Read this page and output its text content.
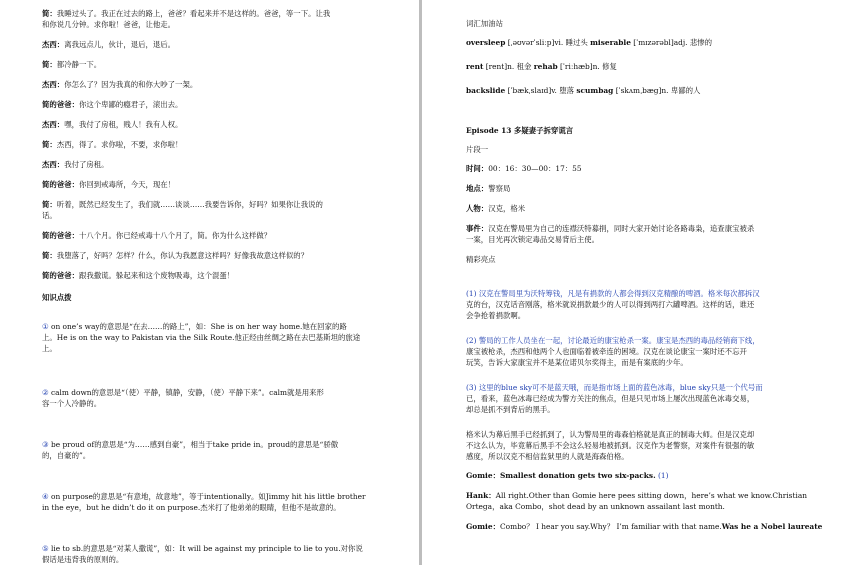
简：我睡过头了。我正在过去的路上，爸爸？看起来并不是这样的。爸爸，等一下。让我
和你说几分钟。求你啦！爸爸，让他走。
杰西：离我远点儿，伙计，退后，退后。
简：都冷静一下。
杰西：你怎么了？因为我真的和你大吵了一架。
简的爸爸：你这个卑鄙的瘾君子，滚出去。
杰西：嘿，我付了房租，贱人！我有人权。
简：杰西，得了。求你啦，不要，求你啦！
杰西：我付了房租。
简的爸爸：你回到戒毒所，今天，现在！
简：听着，既然已经发生了，我们就……谈谈……我要告诉你，好吗？如果你让我说的
话。
简的爸爸：十八个月。你已经戒毒十八个月了，简。你为什么这样做？
简：我堕落了，好吗？怎样？什么，你认为我愿意这样吗？好像我故意这样似的？
简的爸爸：跟我撒谎。躲起来和这个废物吸毒，这个混蛋！
知识点拨
① on one’s way的意思是“在去……的路上”，如：She is on her way home.她在回家的路
上。He is on the way to Pakistan via the Silk Route.他正经由丝绸之路在去巴基斯坦的旅途
上。
② calm down的意思是“（使）平静，镇静，安静，（使）平静下来”。calm就是用来形
容一个人冷静的。
③ be proud of的意思是“为……感到自豪”，相当于take pride in。proud的意思是“骄傲
的，自豪的”。
④ on purpose的意思是“有意地，故意地”，等于intentionally。如Jimmy hit his little brother
in the eye，but he didn’t do it on purpose.杰米打了他弟弟的眼睛，但他不是故意的。
⑤ lie to sb.的意思是“对某人撒谎”，如：It will be against my principle to lie to you.对你说
假话是违背我的原则的。
词汇加油站
oversleep [ˌəʊvərˈsliːp]vi. 睡过头 miserable [ˈmɪzərəbl]adj. 悲惨的
rent [rent]n. 租金 rehab [ˈriːhæb]n. 修复
backslide [ˈbækˌslaɪd]v. 堕落 scumbag [ˈskʌmˌbæg]n. 卑鄙的人
Episode 13 多疑妻子拆穿谎言
片段一
时间：00：16：30—00：17：55
地点：警察局
人物：汉克，格米
事件：汉克在警局里为自己的连襟沃特募捐，同时大家开始讨论各路毒枭，追查康宝被杀
一案，目光再次锁定毒品交易背后主使。
精彩亮点
(1) 汉克在警局里为沃特筹钱，凡是有捐款的人都会得到汉克精酿的啤酒。格米每次都拆汉
克的台，汉克话音刚落，格米就说捐款最少的人可以得到两打六罐啤酒。这样的话，谁还
会争抢着捐款啊。
(2) 警局的工作人员坐在一起，讨论最近的康宝枪杀一案。康宝是杰西的毒品经销商下线，
康宝被枪杀，杰西和他两个人也面临着被牵连的困境。汉克在谈论康宝一案时还不忘开
玩笑，告诉大家康宝并不是某位诺贝尔奖得主，而是有案底的少年。
(3) 这里的blue sky可不是蓝天哦，而是指市场上面的蓝色冰毒，blue sky只是一个代号而
已，看来，蓝色冰毒已经成为警方关注的焦点，但是只见市场上屡次出现蓝色冰毒交易，
却总是抓不到背后的黑手。
格米认为幕后黑手已经抓到了，认为警局里的毒森伯格就是真正的制毒大师。但是汉克却
不这么认为，毕竟幕后黑手不会这么轻易地被抓到。汉克作为老警察，对案件有很强的敏
感度，所以汉克不相信监狱里的人就是海森伯格。
Gomie：Smallest donation gets two six-packs. (1)
Hank：All right.Other than Gomie here pees sitting down，here’s what we know.Christian
Ortega，aka Combo，shot dead by an unknown assailant last month.
Gomie：Combo？ I hear you say.Why？ I’m familiar with that name.Was he a Nobel laureate
